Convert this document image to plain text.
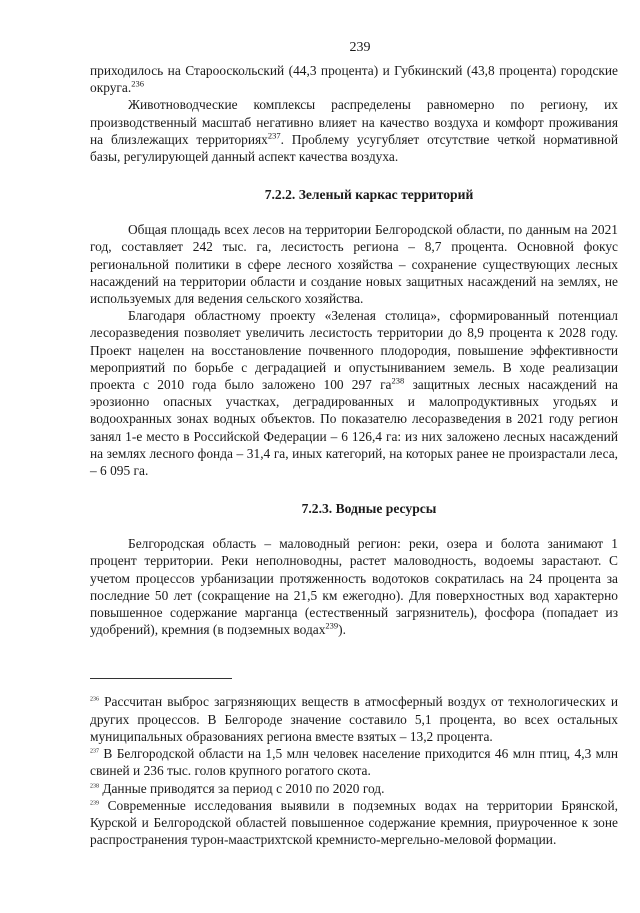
239

приходилось на Старооскольский (44,3 процента) и Губкинский (43,8 процента) городские округа.$^{236}$

Животноводческие комплексы распределены равномерно по региону, их производственный масштаб негативно влияет на качество воздуха и комфорт проживания на близлежащих территориях$^{237}$. Проблему усугубляет отсутствие четкой нормативной базы, регулирующей данный аспект качества воздуха.

7.2.2. Зеленый каркас территорий

Общая площадь всех лесов на территории Белгородской области, по данным на 2021 год, составляет 242 тыс. га, лесистость региона – 8,7 процента. Основной фокус региональной политики в сфере лесного хозяйства – сохранение существующих лесных насаждений на территории области и создание новых защитных насаждений на землях, не используемых для ведения сельского хозяйства.

Благодаря областному проекту «Зеленая столица», сформированный потенциал лесоразведения позволяет увеличить лесистость территории до 8,9 процента к 2028 году. Проект нацелен на восстановление почвенного плодородия, повышение эффективности мероприятий по борьбе с деградацией и опустыниванием земель. В ходе реализации проекта с 2010 года было заложено 100 297 $га^{238}$ защитных лесных насаждений на эрозионно опасных участках, деградированных и малопродуктивных угодьях и водоохранных зонах водных объектов. По показателю лесоразведения в 2021 году регион занял 1-е место в Российской Федерации – 6 126,4 га: из них заложено лесных насаждений на землях лесного фонда – 31,4 га, иных категорий, на которых ранее не произрастали леса, – 6 095 га.

7.2.3. Водные ресурсы

Белгородская область – маловодный регион: реки, озера и болота занимают 1 процент территории. Реки неполноводны, растет маловодность, водоемы зарастают. С учетом процессов урбанизации протяженность водотоков сократилась на 24 процента за последние 50 лет (сокращение на 21,5 км ежегодно). Для поверхностных вод характерно повышенное содержание марганца (естественный загрязнитель), фосфора (попадает из удобрений), кремния (в подземных водах$^{239}$).

$^{236}$ Рассчитан выброс загрязняющих веществ в атмосферный воздух от технологических и других процессов. В Белгороде значение составило 5,1 процента, во всех остальных муниципальных образованиях региона вместе взятых – 13,2 процента.

$^{237}$ В Белгородской области на 1,5 млн человек население приходится 46 млн птиц, 4,3 млн свиней и 236 тыс. голов крупного рогатого скота.

$^{238}$ Данные приводятся за период с 2010 по 2020 год.

$^{239}$ Современные исследования выявили в подземных водах на территории Брянской, Курской и Белгородской областей повышенное содержание кремния, приуроченное к зоне распространения турон-маастрихтской кремнисто-мергельно-меловой формации.
